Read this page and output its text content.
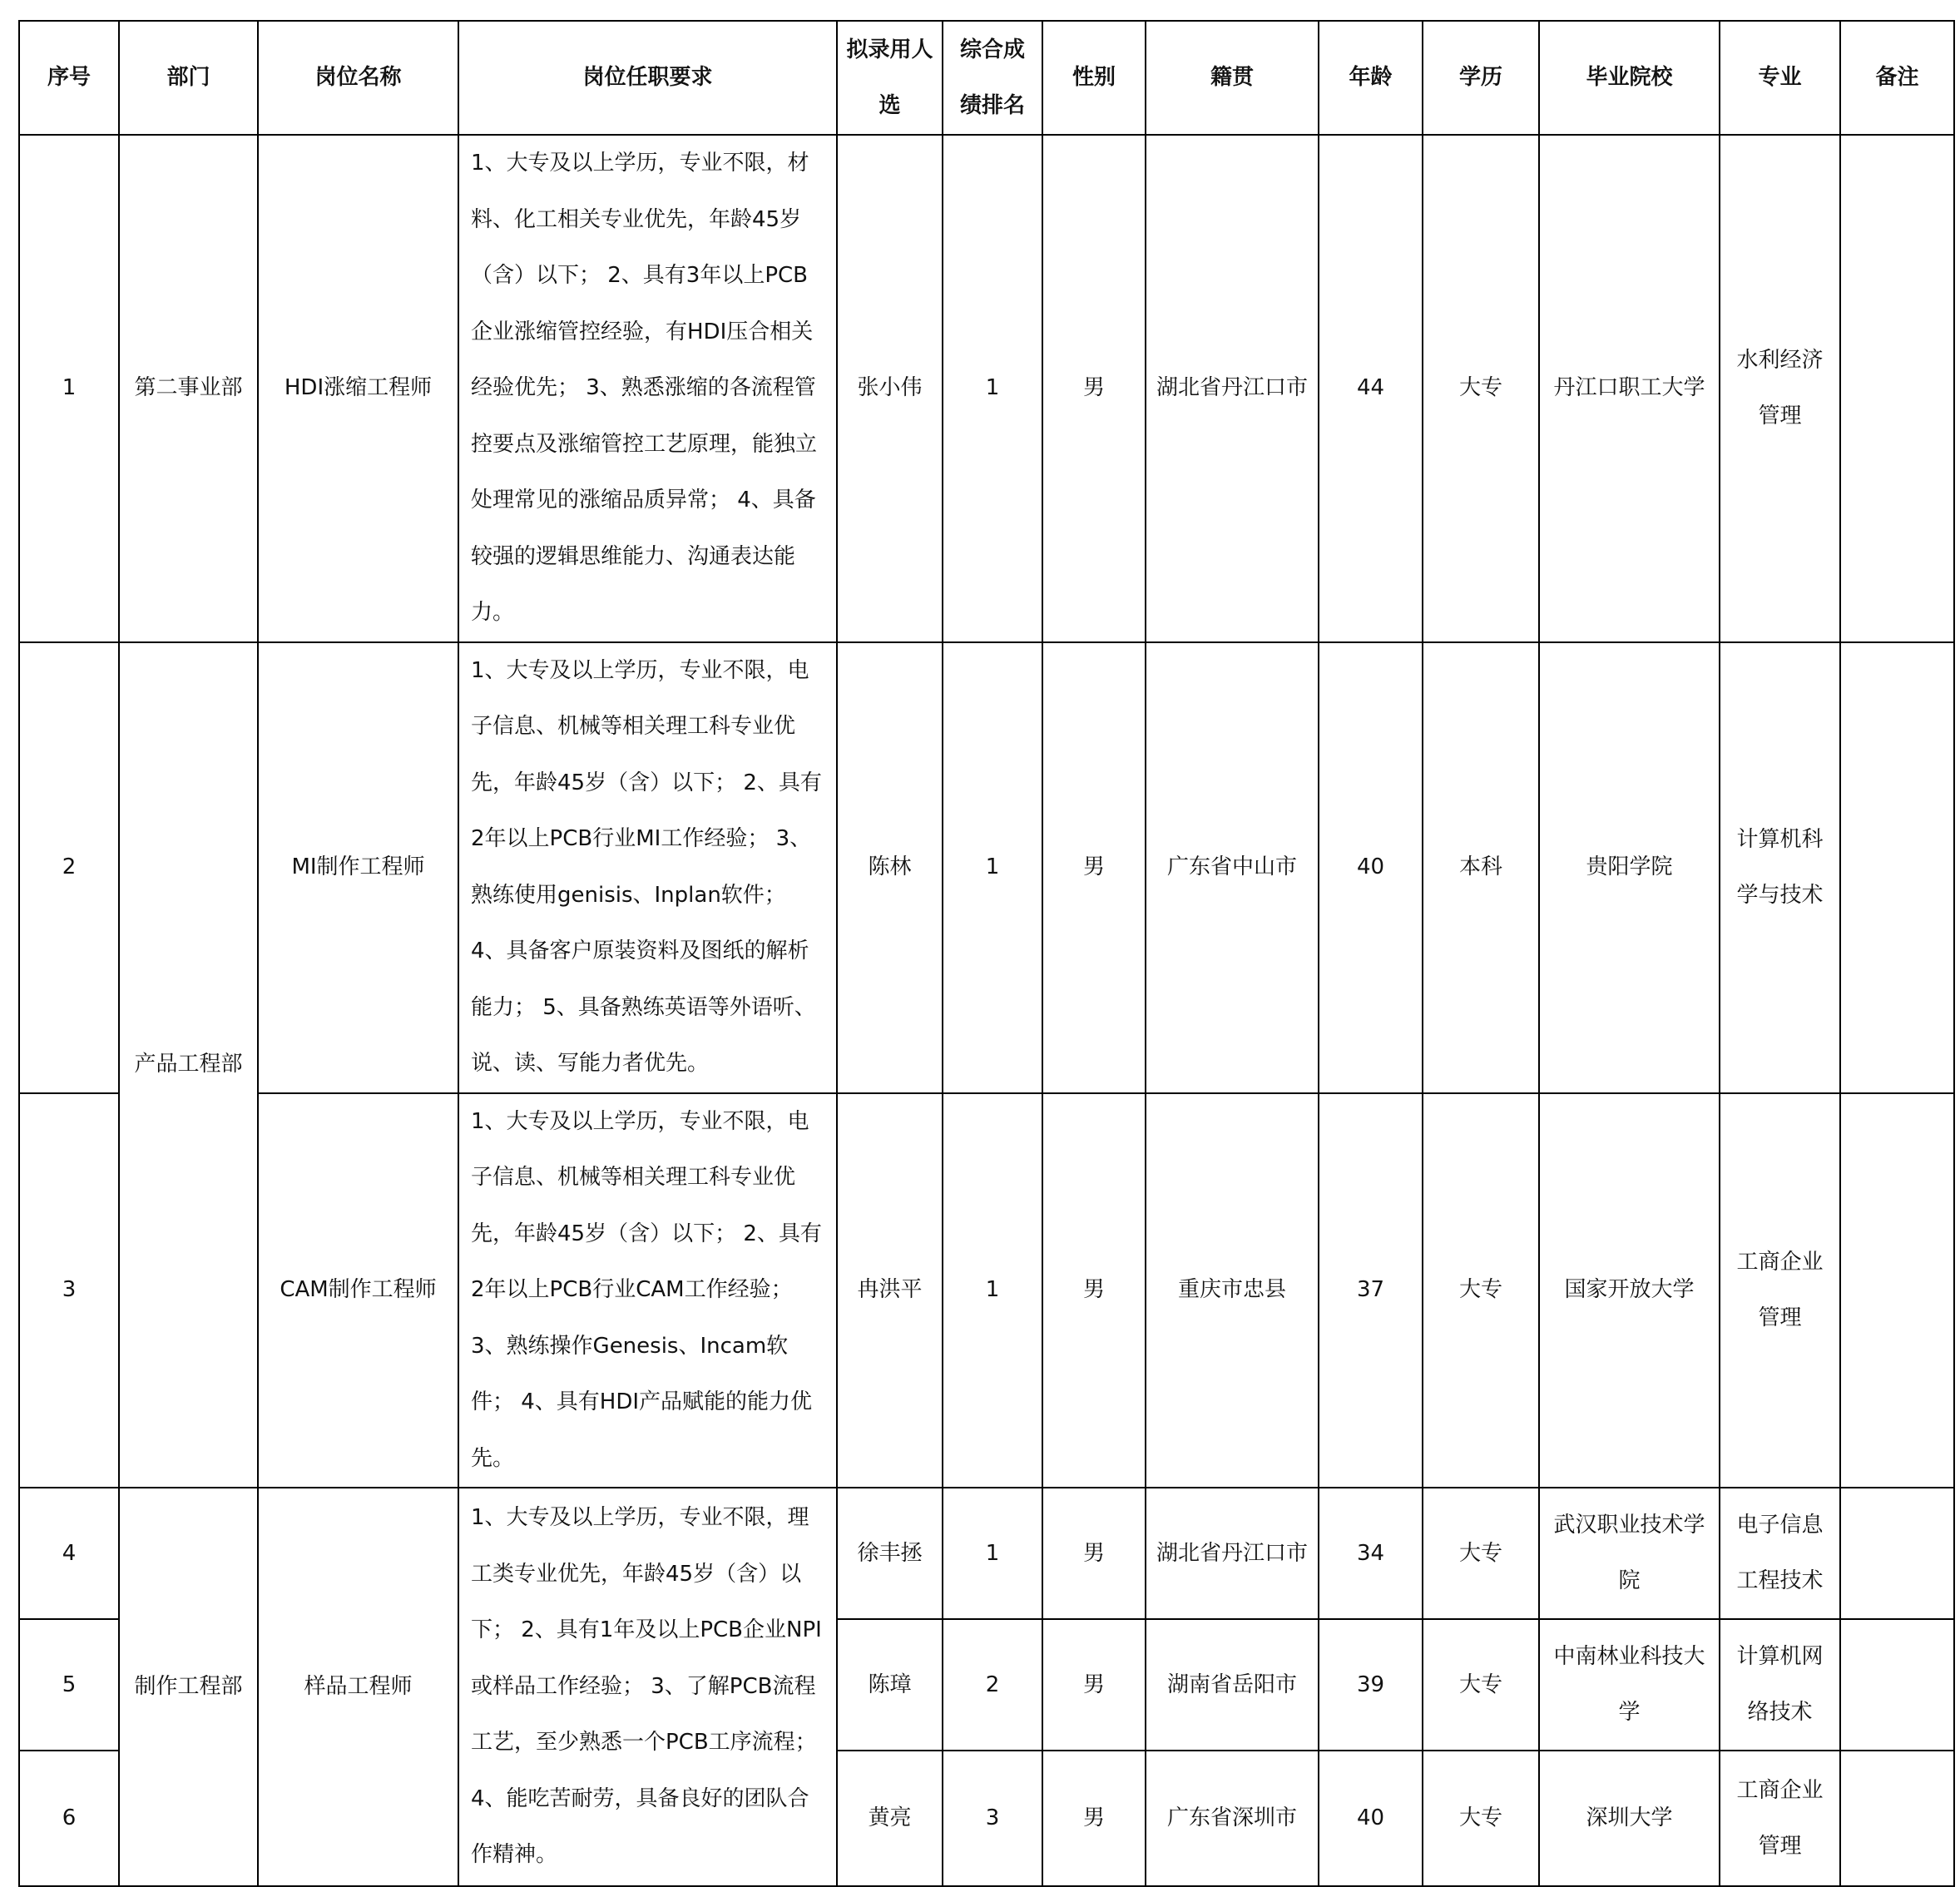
序号	部门	岗位名称	岗位任职要求	拟录用人选	综合成绩排名	性别	籍贯	年龄	学历	毕业院校	专业	备注
1	第二事业部	HDI涨缩工程师	1、大专及以上学历，专业不限，材料、化工相关专业优先，年龄45岁（含）以下； 2、具有3年以上PCB企业涨缩管控经验，有HDI压合相关经验优先； 3、熟悉涨缩的各流程管控要点及涨缩管控工艺原理，能独立处理常见的涨缩品质异常； 4、具备较强的逻辑思维能力、沟通表达能力。	张小伟	1	男	湖北省丹江口市	44	大专	丹江口职工大学	水利经济管理	
2	产品工程部	MI制作工程师	1、大专及以上学历，专业不限，电子信息、机械等相关理工科专业优先，年龄45岁（含）以下； 2、具有2年以上PCB行业MI工作经验； 3、熟练使用genisis、Inplan软件； 4、具备客户原装资料及图纸的解析能力； 5、具备熟练英语等外语听、说、读、写能力者优先。	陈林	1	男	广东省中山市	40	本科	贵阳学院	计算机科学与技术	
3		CAM制作工程师	1、大专及以上学历，专业不限，电子信息、机械等相关理工科专业优先，年龄45岁（含）以下； 2、具有2年以上PCB行业CAM工作经验； 3、熟练操作Genesis、Incam软件； 4、具有HDI产品赋能的能力优先。	冉洪平	1	男	重庆市忠县	37	大专	国家开放大学	工商企业管理	
4	制作工程部	样品工程师	1、大专及以上学历，专业不限，理工类专业优先，年龄45岁（含）以下； 2、具有1年及以上PCB企业NPI或样品工作经验； 3、了解PCB流程工艺，至少熟悉一个PCB工序流程； 4、能吃苦耐劳，具备良好的团队合作精神。	徐丰拯	1	男	湖北省丹江口市	34	大专	武汉职业技术学院	电子信息工程技术	
5				陈璋	2	男	湖南省岳阳市	39	大专	中南林业科技大学	计算机网络技术	
6				黄亮	3	男	广东省深圳市	40	大专	深圳大学	工商企业管理	
